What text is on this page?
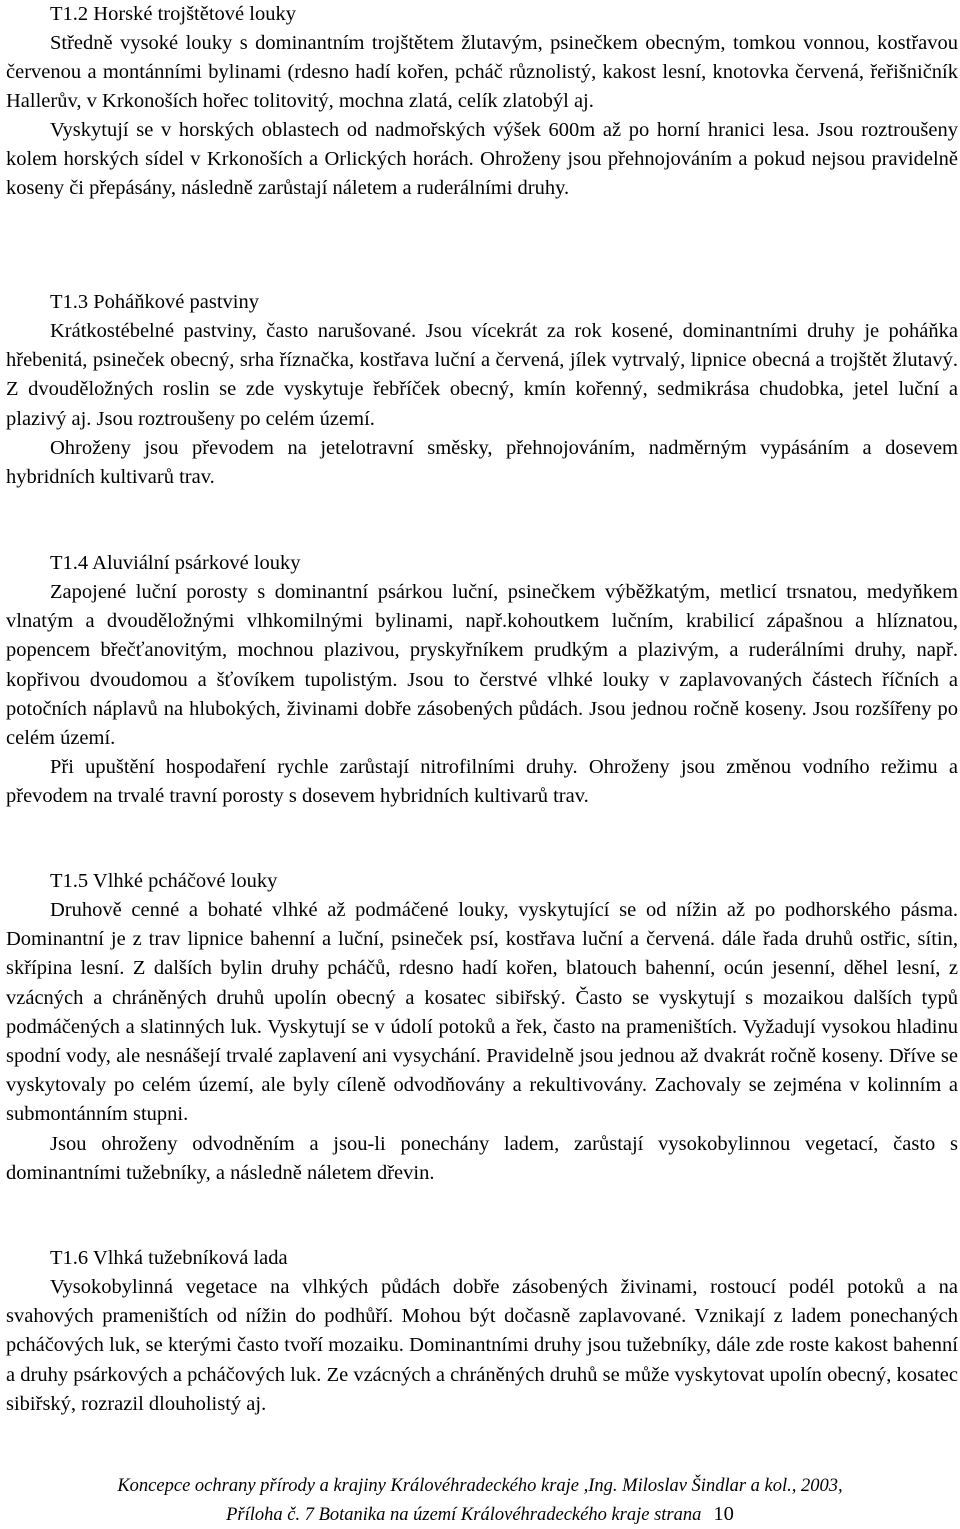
T1.2 Horské trojštětové louky

Středně vysoké louky s dominantním trojštětem žlutavým, psinečkem obecným, tomkou vonnou, kostřavou červenou a montánními bylinami (rdesno hadí kořen, pcháč různolistý, kakost lesní, knotovka červená, řeřišničník Hallerův, v Krkonoších hořec tolitovitý, mochna zlatá, celík zlatobýl aj.

Vyskytují se v horských oblastech od nadmořských výšek 600m až po horní hranici lesa. Jsou roztroušeny kolem horských sídel v Krkonoších a Orlických horách. Ohroženy jsou přehnojováním a pokud nejsou pravidelně koseny či přepásány, následně zarůstají náletem a ruderálními druhy.

T1.3 Poháňkové pastviny

Krátkostébelné pastviny, často narušované. Jsou vícekrát za rok kosené, dominantními druhy je poháňka hřebenitá, psineček obecný, srha říznačka, kostřava luční a červená, jílek vytrvalý, lipnice obecná a trojštět žlutavý. Z dvouděložných roslin se zde vyskytuje řebříček obecný, kmín kořenný, sedmikrása chudobka, jetel luční a plazivý aj. Jsou roztroušeny po celém území.

Ohroženy jsou převodem na jetelotravní směsky, přehnojováním, nadměrným vypásáním a dosevem hybridních kultivarů trav.

T1.4 Aluviální psárkové louky

Zapojené luční porosty s dominantní psárkou luční, psinečkem výběžkatým, metlicí trsnatou, medyňkem vlnatým a dvouděložnými vlhkomilnými bylinami, např.kohoutkem lučním, krabilicí zápašnou a hlíznatou, popencem břečťanovitým, mochnou plazivou, pryskyřníkem prudkým a plazivým, a ruderálními druhy, např. kopřivou dvoudomou a šťovíkem tupolistým. Jsou to čerstvé vlhké louky v zaplavovaných částech říčních a potočních náplavů na hlubokých, živinami dobře zásobených půdách. Jsou jednou ročně koseny. Jsou rozšířeny po celém území.

Při upuštění hospodaření rychle zarůstají nitrofilními druhy. Ohroženy jsou změnou vodního režimu a převodem na trvalé travní porosty s dosevem hybridních kultivarů trav.

T1.5 Vlhké pcháčové louky

Druhově cenné a bohaté vlhké až podmáčené louky, vyskytující se od nížin až po podhorského pásma. Dominantní je z trav lipnice bahenní a luční, psineček psí, kostřava luční a červená. dále řada druhů ostřic, sítin, skřípina lesní. Z dalších bylin druhy pcháčů, rdesno hadí kořen, blatouch bahenní, ocún jesenní, děhel lesní, z vzácných a chráněných druhů upolín obecný a kosatec sibiřský. Často se vyskytují s mozaikou dalších typů podmáčených a slatinných luk. Vyskytují se v údolí potoků a řek, často na prameništích. Vyžadují vysokou hladinu spodní vody, ale nesnášejí trvalé zaplavení ani vysychání. Pravidelně jsou jednou až dvakrát ročně koseny. Dříve se vyskytovaly po celém území, ale byly cíleně odvodňovány a rekultivovány. Zachovaly se zejména v kolinním a submontánním stupni.

Jsou ohroženy odvodněním a jsou-li ponechány ladem, zarůstají vysokobylinnou vegetací, často s dominantními tužebníky, a následně náletem dřevin.

T1.6 Vlhká tužebníková lada

Vysokobylinná vegetace na vlhkých půdách dobře zásobených živinami, rostoucí podél potoků a na svahových prameništích od nížin do podhůří. Mohou být dočasně zaplavované. Vznikají z ladem ponechaných pcháčových luk, se kterými často tvoří mozaiku. Dominantními druhy jsou tužebníky, dále zde roste kakost bahenní a druhy psárkových a pcháčových luk. Ze vzácných a chráněných druhů se může vyskytovat upolín obecný, kosatec sibiřský, rozrazil dlouholistý aj.

Koncepce ochrany přírody a krajiny Královéhradeckého kraje ,Ing. Miloslav Šindlar a kol., 2003,
Příloha č. 7 Botanika na území Královéhradeckého kraje strana 10
